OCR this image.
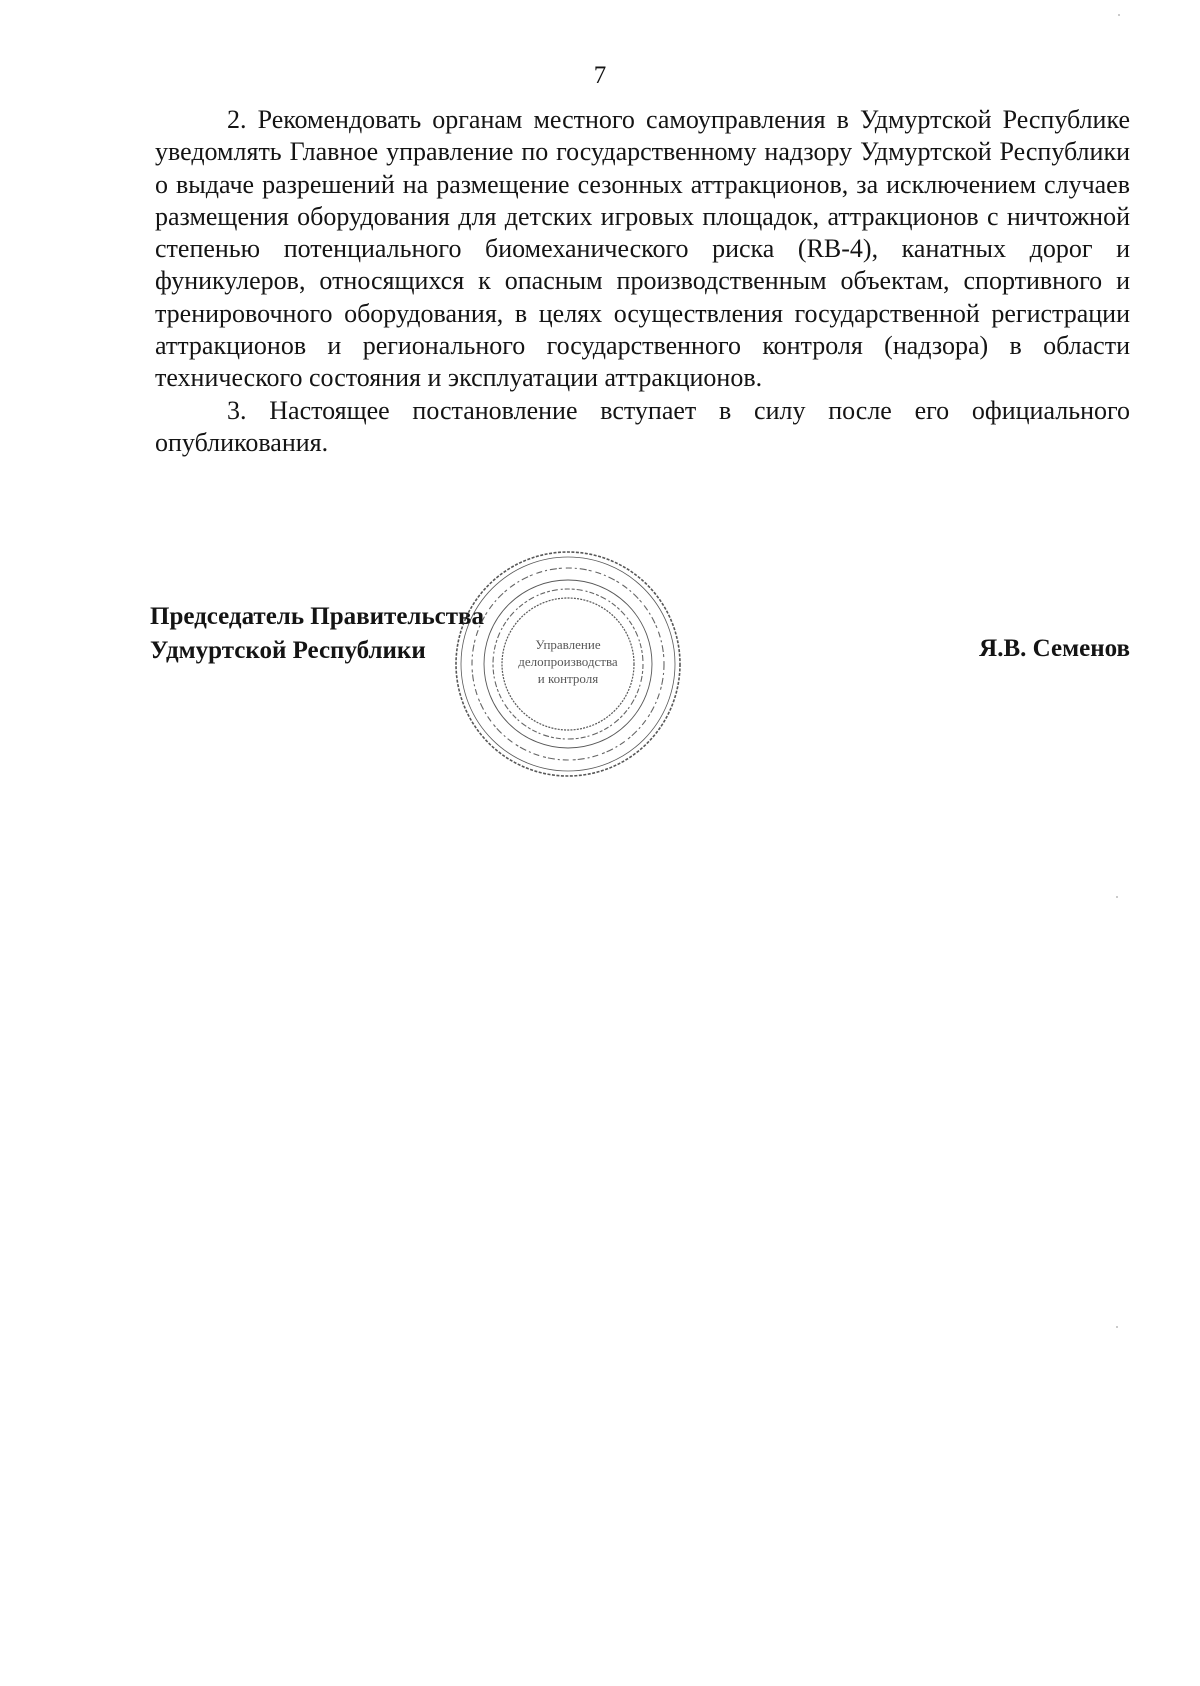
7

2. Рекомендовать органам местного самоуправления в Удмуртской Республике уведомлять Главное управление по государственному надзору Удмуртской Республики о выдаче разрешений на размещение сезонных аттракционов, за исключением случаев размещения оборудования для детских игровых площадок, аттракционов с ничтожной степенью потенциального биомеханического риска (RB-4), канатных дорог и фуникулеров, относящихся к опасным производственным объектам, спортивного и тренировочного оборудования, в целях осуществления государственной регистрации аттракционов и регионального государственного контроля (надзора) в области технического состояния и эксплуатации аттракционов.

3. Настоящее постановление вступает в силу после его официального опубликования.

Председатель Правительства
Удмуртской Республики	Я.В. Семенов
Управление
делопроизводства
и контроля
